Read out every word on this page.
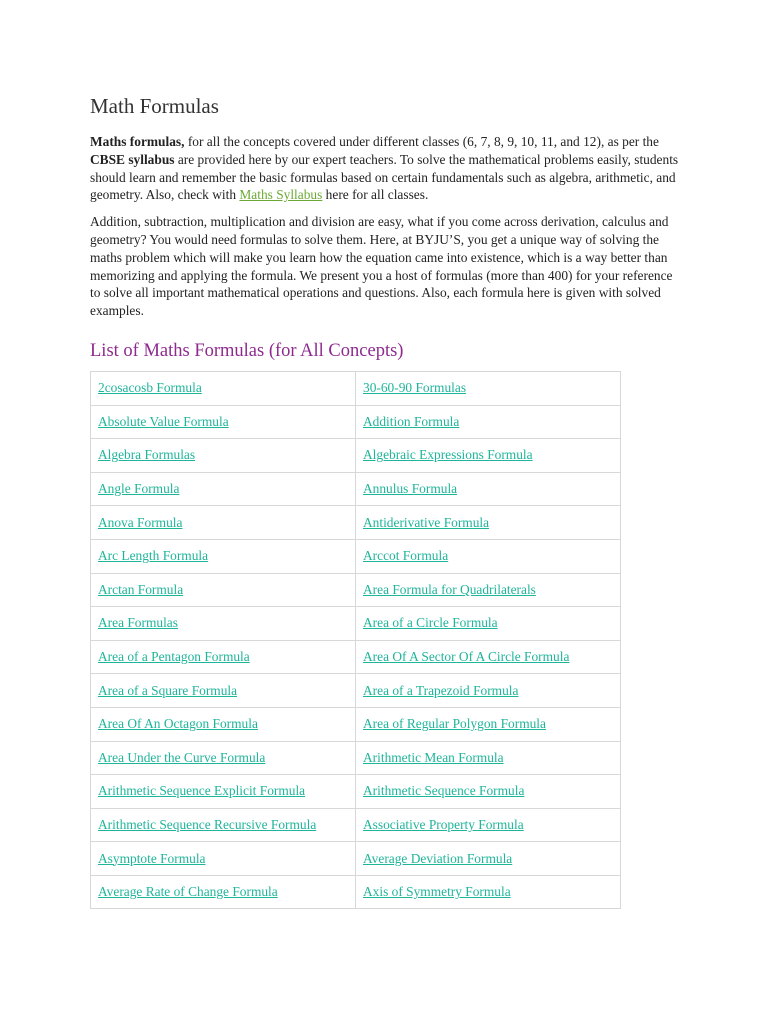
Math Formulas

Maths formulas, for all the concepts covered under different classes (6, 7, 8, 9, 10, 11, and 12), as per the CBSE syllabus are provided here by our expert teachers. To solve the mathematical problems easily, students should learn and remember the basic formulas based on certain fundamentals such as algebra, arithmetic, and geometry. Also, check with Maths Syllabus here for all classes.

Addition, subtraction, multiplication and division are easy, what if you come across derivation, calculus and geometry? You would need formulas to solve them. Here, at BYJU’S, you get a unique way of solving the maths problem which will make you learn how the equation came into existence, which is a way better than memorizing and applying the formula. We present you a host of formulas (more than 400) for your reference to solve all important mathematical operations and questions. Also, each formula here is given with solved examples.

List of Maths Formulas (for All Concepts)
2cosacosb Formula	30-60-90 Formulas
Absolute Value Formula	Addition Formula
Algebra Formulas	Algebraic Expressions Formula
Angle Formula	Annulus Formula
Anova Formula	Antiderivative Formula
Arc Length Formula	Arccot Formula
Arctan Formula	Area Formula for Quadrilaterals
Area Formulas	Area of a Circle Formula
Area of a Pentagon Formula	Area Of A Sector Of A Circle Formula
Area of a Square Formula	Area of a Trapezoid Formula
Area Of An Octagon Formula	Area of Regular Polygon Formula
Area Under the Curve Formula	Arithmetic Mean Formula
Arithmetic Sequence Explicit Formula	Arithmetic Sequence Formula
Arithmetic Sequence Recursive Formula	Associative Property Formula
Asymptote Formula	Average Deviation Formula
Average Rate of Change Formula	Axis of Symmetry Formula
